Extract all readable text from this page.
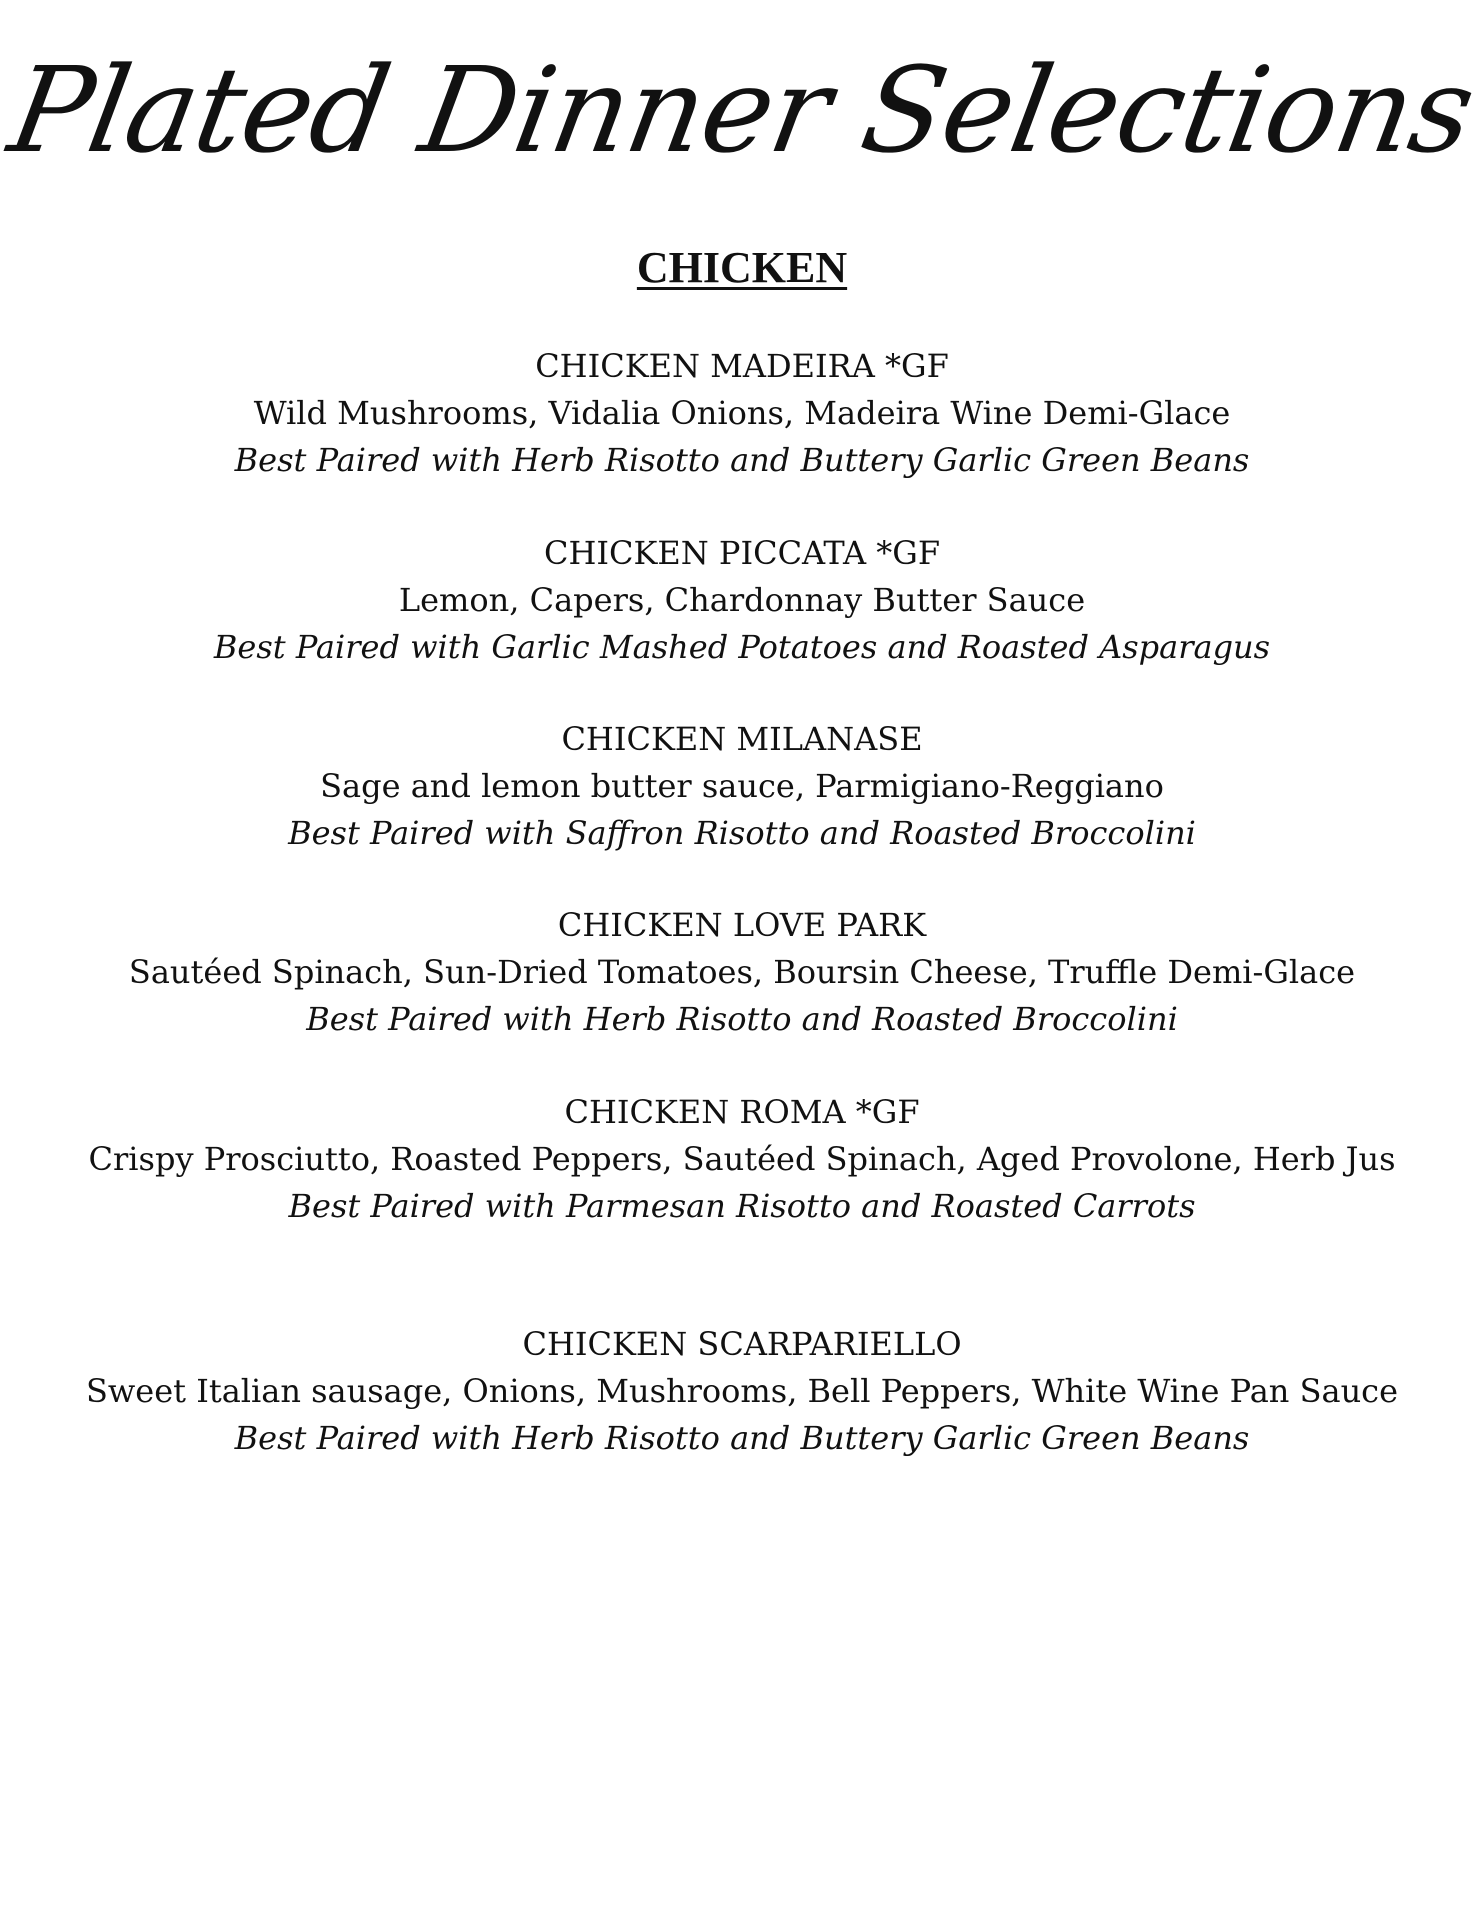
Plated Dinner Selections
CHICKEN
CHICKEN MADEIRA *GF
Wild Mushrooms, Vidalia Onions, Madeira Wine Demi-Glace
Best Paired with Herb Risotto and Buttery Garlic Green Beans
CHICKEN PICCATA *GF
Lemon, Capers, Chardonnay Butter Sauce
Best Paired with Garlic Mashed Potatoes and Roasted Asparagus
CHICKEN MILANASE
Sage and lemon butter sauce, Parmigiano-Reggiano
Best Paired with Saffron Risotto and Roasted Broccolini
CHICKEN LOVE PARK
Sautéed Spinach, Sun-Dried Tomatoes, Boursin Cheese, Truffle Demi-Glace
Best Paired with Herb Risotto and Roasted Broccolini
CHICKEN ROMA *GF
Crispy Prosciutto, Roasted Peppers, Sautéed Spinach, Aged Provolone, Herb Jus
Best Paired with Parmesan Risotto and Roasted Carrots
CHICKEN SCARPARIELLO
Sweet Italian sausage, Onions, Mushrooms, Bell Peppers, White Wine Pan Sauce
Best Paired with Herb Risotto and Buttery Garlic Green Beans
